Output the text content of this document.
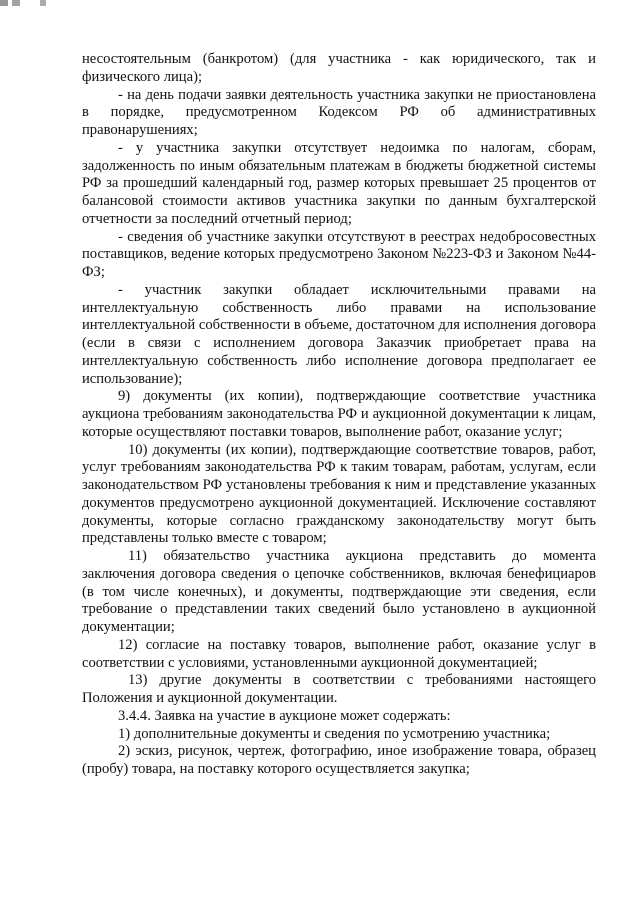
несостоятельным (банкротом) (для участника - как юридического, так и физического лица);

- на день подачи заявки деятельность участника закупки не приостановлена в порядке, предусмотренном Кодексом РФ об административных правонарушениях;

- у участника закупки отсутствует недоимка по налогам, сборам, задолженность по иным обязательным платежам в бюджеты бюджетной системы РФ за прошедший календарный год, размер которых превышает 25 процентов от балансовой стоимости активов участника закупки по данным бухгалтерской отчетности за последний отчетный период;

- сведения об участнике закупки отсутствуют в реестрах недобросовестных поставщиков, ведение которых предусмотрено Законом №223-ФЗ и Законом №44-ФЗ;

- участник закупки обладает исключительными правами на интеллектуальную собственность либо правами на использование интеллектуальной собственности в объеме, достаточном для исполнения договора (если в связи с исполнением договора Заказчик приобретает права на интеллектуальную собственность либо исполнение договора предполагает ее использование);

9) документы (их копии), подтверждающие соответствие участника аукциона требованиям законодательства РФ и аукционной документации к лицам, которые осуществляют поставки товаров, выполнение работ, оказание услуг;

10) документы (их копии), подтверждающие соответствие товаров, работ, услуг требованиям законодательства РФ к таким товарам, работам, услугам, если законодательством РФ установлены требования к ним и представление указанных документов предусмотрено аукционной документацией. Исключение составляют документы, которые согласно гражданскому законодательству могут быть представлены только вместе с товаром;

11) обязательство участника аукциона представить до момента заключения договора сведения о цепочке собственников, включая бенефициаров (в том числе конечных), и документы, подтверждающие эти сведения, если требование о представлении таких сведений было установлено в аукционной документации;

12) согласие на поставку товаров, выполнение работ, оказание услуг в соответствии с условиями, установленными аукционной документацией;

13) другие документы в соответствии с требованиями настоящего Положения и аукционной документации.

3.4.4. Заявка на участие в аукционе может содержать:

1) дополнительные документы и сведения по усмотрению участника;

2) эскиз, рисунок, чертеж, фотографию, иное изображение товара, образец (пробу) товара, на поставку которого осуществляется закупка;
